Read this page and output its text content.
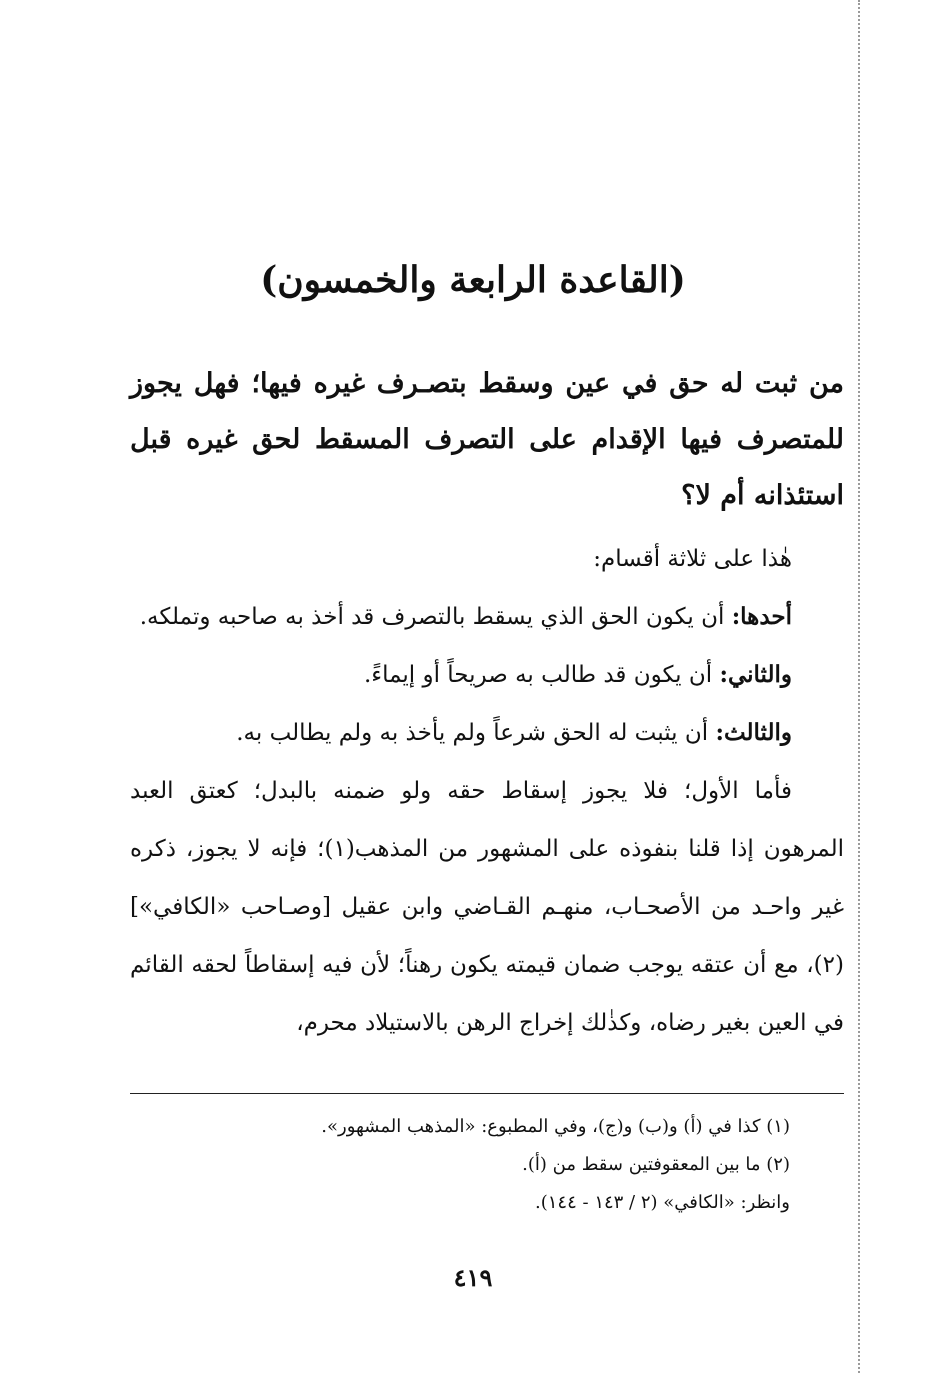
(القاعدة الرابعة والخمسون)

من ثبت له حق في عين وسقط بتصـرف غيره فيها؛ فهل يجوز للمتصرف فيها الإقدام على التصرف المسقط لحق غيره قبل استئذانه أم لا؟

هٰذا على ثلاثة أقسام:

أحدها: أن يكون الحق الذي يسقط بالتصرف قد أخذ به صاحبه وتملكه.

والثاني: أن يكون قد طالب به صريحاً أو إيماءً.

والثالث: أن يثبت له الحق شرعاً ولم يأخذ به ولم يطالب به.

فأما الأول؛ فلا يجوز إسقاط حقه ولو ضمنه بالبدل؛ كعتق العبد المرهون إذا قلنا بنفوذه على المشهور من المذهب(١)؛ فإنه لا يجوز، ذكره غير واحـد من الأصحـاب، منهـم القـاضي وابن عقيل [وصـاحب «الكافي»](٢)، مع أن عتقه يوجب ضمان قيمته يكون رهناً؛ لأن فيه إسقاطاً لحقه القائم في العين بغير رضاه، وكذٰلك إخراج الرهن بالاستيلاد محرم،

(١) كذا في (أ) و(ب) و(ج)، وفي المطبوع: «المذهب المشهور».

(٢) ما بين المعقوفتين سقط من (أ).

وانظر: «الكافي» (٢ / ١٤٣ - ١٤٤).

٤١٩
